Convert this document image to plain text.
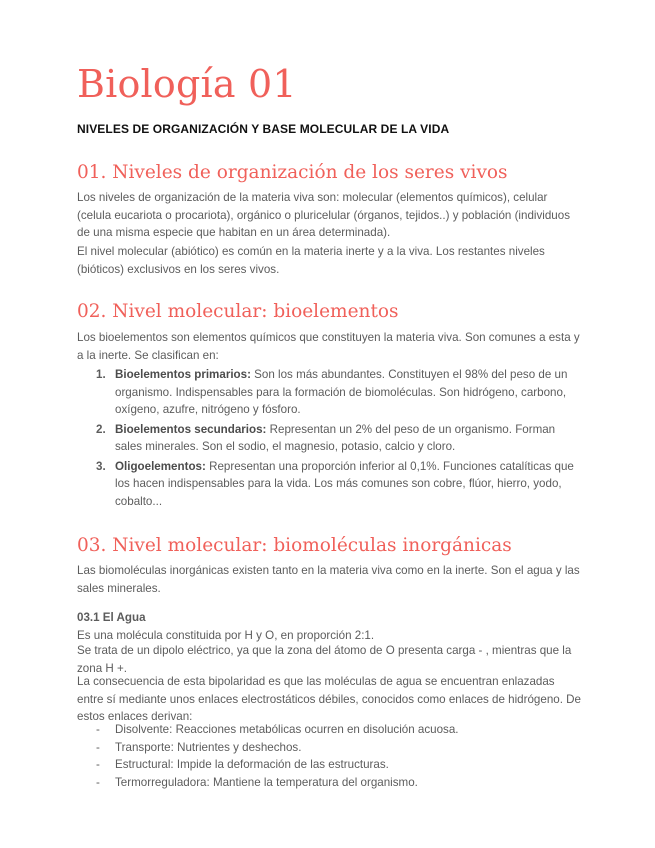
Biología 01

NIVELES DE ORGANIZACIÓN Y BASE MOLECULAR DE LA VIDA

01. Niveles de organización de los seres vivos

Los niveles de organización de la materia viva son: molecular (elementos químicos), celular (celula eucariota o procariota), orgánico o pluricelular (órganos, tejidos..) y población (individuos de una misma especie que habitan en un área determinada).

El nivel molecular (abiótico) es común en la materia inerte y a la viva. Los restantes niveles (bióticos) exclusivos en los seres vivos.

02. Nivel molecular: bioelementos

Los bioelementos son elementos químicos que constituyen la materia viva. Son comunes a esta y a la inerte. Se clasifican en:

1. Bioelementos primarios: Son los más abundantes. Constituyen el 98% del peso de un organismo. Indispensables para la formación de biomoléculas. Son hidrógeno, carbono, oxígeno, azufre, nitrógeno y fósforo.
2. Bioelementos secundarios: Representan un 2% del peso de un organismo. Forman sales minerales. Son el sodio, el magnesio, potasio, calcio y cloro.
3. Oligoelementos: Representan una proporción inferior al 0,1%. Funciones catalíticas que los hacen indispensables para la vida. Los más comunes son cobre, flúor, hierro, yodo, cobalto...
03. Nivel molecular: biomoléculas inorgánicas

Las biomoléculas inorgánicas existen tanto en la materia viva como en la inerte. Son el agua y las sales minerales.

03.1 El Agua

Es una molécula constituida por H y O, en proporción 2:1.

Se trata de un dipolo eléctrico, ya que la zona del átomo de O presenta carga - , mientras que la zona H +.

La consecuencia de esta bipolaridad es que las moléculas de agua se encuentran enlazadas entre sí mediante unos enlaces electrostáticos débiles, conocidos como enlaces de hidrógeno. De estos enlaces derivan:

- Disolvente: Reacciones metabólicas ocurren en disolución acuosa.
- Transporte: Nutrientes y deshechos.
- Estructural: Impide la deformación de las estructuras.
- Termorreguladora: Mantiene la temperatura del organismo.
